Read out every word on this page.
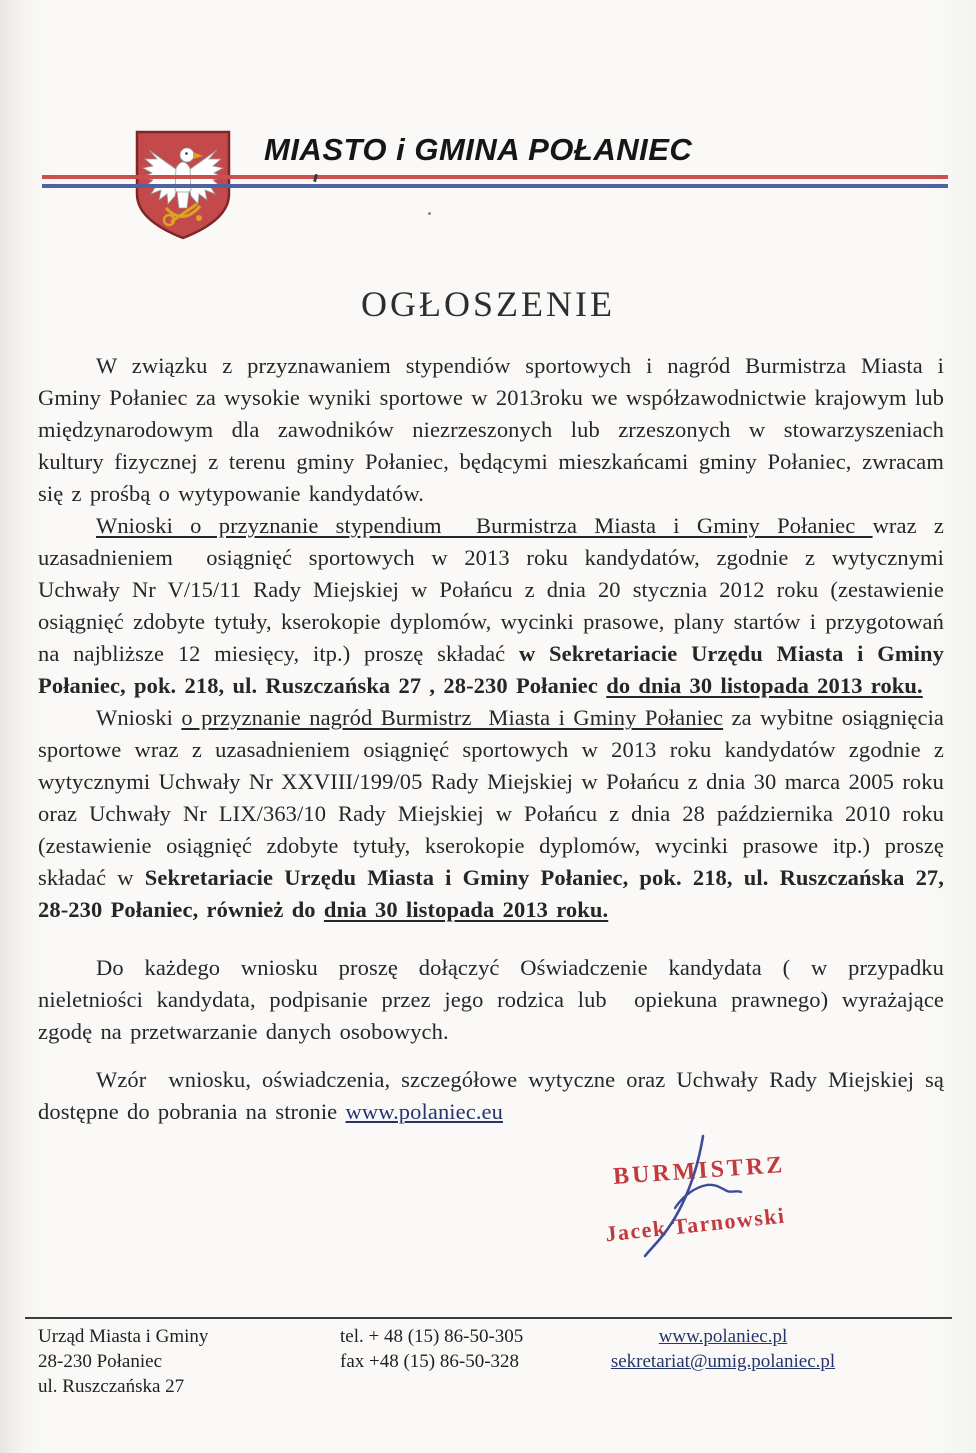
MIASTO i GMINA POŁANIEC
OGŁOSZENIE

W związku z przyznawaniem stypendiów sportowych i nagród Burmistrza Miasta i Gminy Połaniec za wysokie wyniki sportowe w 2013roku we współzawodnictwie krajowym lub międzynarodowym dla zawodników niezrzeszonych lub zrzeszonych w stowarzyszeniach kultury fizycznej z terenu gminy Połaniec, będącymi mieszkańcami gminy Połaniec, zwracam się z prośbą o wytypowanie kandydatów.

Wnioski o przyznanie stypendium  Burmistrza Miasta i Gminy Połaniec wraz z uzasadnieniem  osiągnięć sportowych w 2013 roku kandydatów, zgodnie z wytycznymi Uchwały Nr V/15/11 Rady Miejskiej w Połańcu z dnia 20 stycznia 2012 roku (zestawienie osiągnięć zdobyte tytuły, kserokopie dyplomów, wycinki prasowe, plany startów i przygotowań na najbliższe 12 miesięcy, itp.) proszę składać w Sekretariacie Urzędu Miasta i Gminy Połaniec, pok. 218, ul. Ruszczańska 27 , 28-230 Połaniec do dnia 30 listopada 2013 roku.

Wnioski o przyznanie nagród Burmistrz  Miasta i Gminy Połaniec za wybitne osiągnięcia sportowe wraz z uzasadnieniem osiągnięć sportowych w 2013 roku kandydatów zgodnie z wytycznymi Uchwały Nr XXVIII/199/05 Rady Miejskiej w Połańcu z dnia 30 marca 2005 roku oraz Uchwały Nr LIX/363/10 Rady Miejskiej w Połańcu z dnia 28 października 2010 roku (zestawienie osiągnięć zdobyte tytuły, kserokopie dyplomów, wycinki prasowe itp.) proszę składać w Sekretariacie Urzędu Miasta i Gminy Połaniec, pok. 218, ul. Ruszczańska 27, 28-230 Połaniec, również do dnia 30 listopada 2013 roku.

Do każdego wniosku proszę dołączyć Oświadczenie kandydata ( w przypadku nieletniości kandydata, podpisanie przez jego rodzica lub  opiekuna prawnego) wyrażające zgodę na przetwarzanie danych osobowych.

Wzór  wniosku, oświadczenia, szczegółowe wytyczne oraz Uchwały Rady Miejskiej są dostępne do pobrania na stronie www.polaniec.eu

BURMISTRZ
Jacek Tarnowski
Urząd Miasta i Gminy
28-230 Połaniec
ul. Ruszczańska 27
tel. + 48 (15) 86-50-305
fax +48 (15) 86-50-328
www.polaniec.pl
sekretariat@umig.polaniec.pl
